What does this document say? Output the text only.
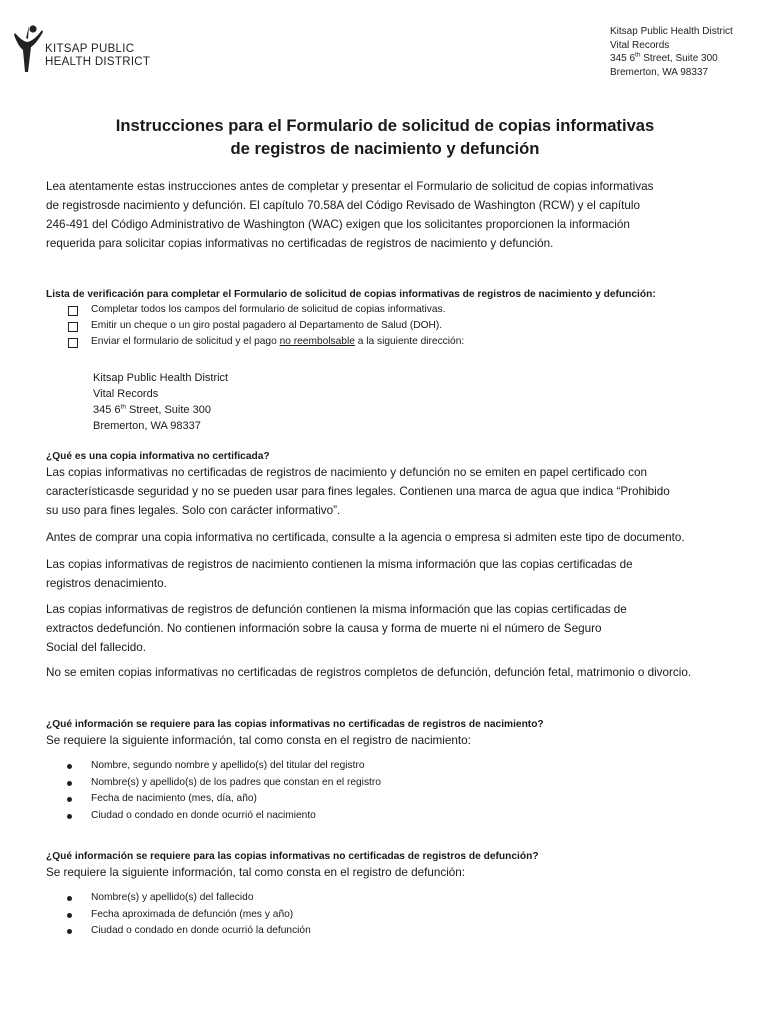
KITSAP PUBLIC
HEALTH DISTRICT
Kitsap Public Health District
Vital Records
345 6th Street, Suite 300
Bremerton, WA 98337
Instrucciones para el Formulario de solicitud de copias informativas
de registros de nacimiento y defunción
Lea atentamente estas instrucciones antes de completar y presentar el Formulario de solicitud de copias informativas
de registrosde nacimiento y defunción. El capítulo 70.58A del Código Revisado de Washington (RCW) y el capítulo
246-491 del Código Administrativo de Washington (WAC) exigen que los solicitantes proporcionen la información
requerida para solicitar copias informativas no certificadas de registros de nacimiento y defunción.
Lista de verificación para completar el Formulario de solicitud de copias informativas de registros de nacimiento y defunción:
Completar todos los campos del formulario de solicitud de copias informativas.
Emitir un cheque o un giro postal pagadero al Departamento de Salud (DOH).
Enviar el formulario de solicitud y el pago no reembolsable a la siguiente dirección:
Kitsap Public Health District
Vital Records
345 6th Street, Suite 300
Bremerton, WA 98337
¿Qué es una copia informativa no certificada?
Las copias informativas no certificadas de registros de nacimiento y defunción no se emiten en papel certificado con
característicasde seguridad y no se pueden usar para fines legales. Contienen una marca de agua que indica “Prohibido
su uso para fines legales. Solo con carácter informativo”.
Antes de comprar una copia informativa no certificada, consulte a la agencia o empresa si admiten este tipo de documento.
Las copias informativas de registros de nacimiento contienen la misma información que las copias certificadas de
registros denacimiento.
Las copias informativas de registros de defunción contienen la misma información que las copias certificadas de
extractos dedefunción. No contienen información sobre la causa y forma de muerte ni el número de Seguro
Social del fallecido.
No se emiten copias informativas no certificadas de registros completos de defunción, defunción fetal, matrimonio o divorcio.
¿Qué información se requiere para las copias informativas no certificadas de registros de nacimiento?
Se requiere la siguiente información, tal como consta en el registro de nacimiento:
Nombre, segundo nombre y apellido(s) del titular del registro
Nombre(s) y apellido(s) de los padres que constan en el registro
Fecha de nacimiento (mes, día, año)
Ciudad o condado en donde ocurrió el nacimiento
¿Qué información se requiere para las copias informativas no certificadas de registros de defunción?
Se requiere la siguiente información, tal como consta en el registro de defunción:
Nombre(s) y apellido(s) del fallecido
Fecha aproximada de defunción (mes y año)
Ciudad o condado en donde ocurrió la defunción
